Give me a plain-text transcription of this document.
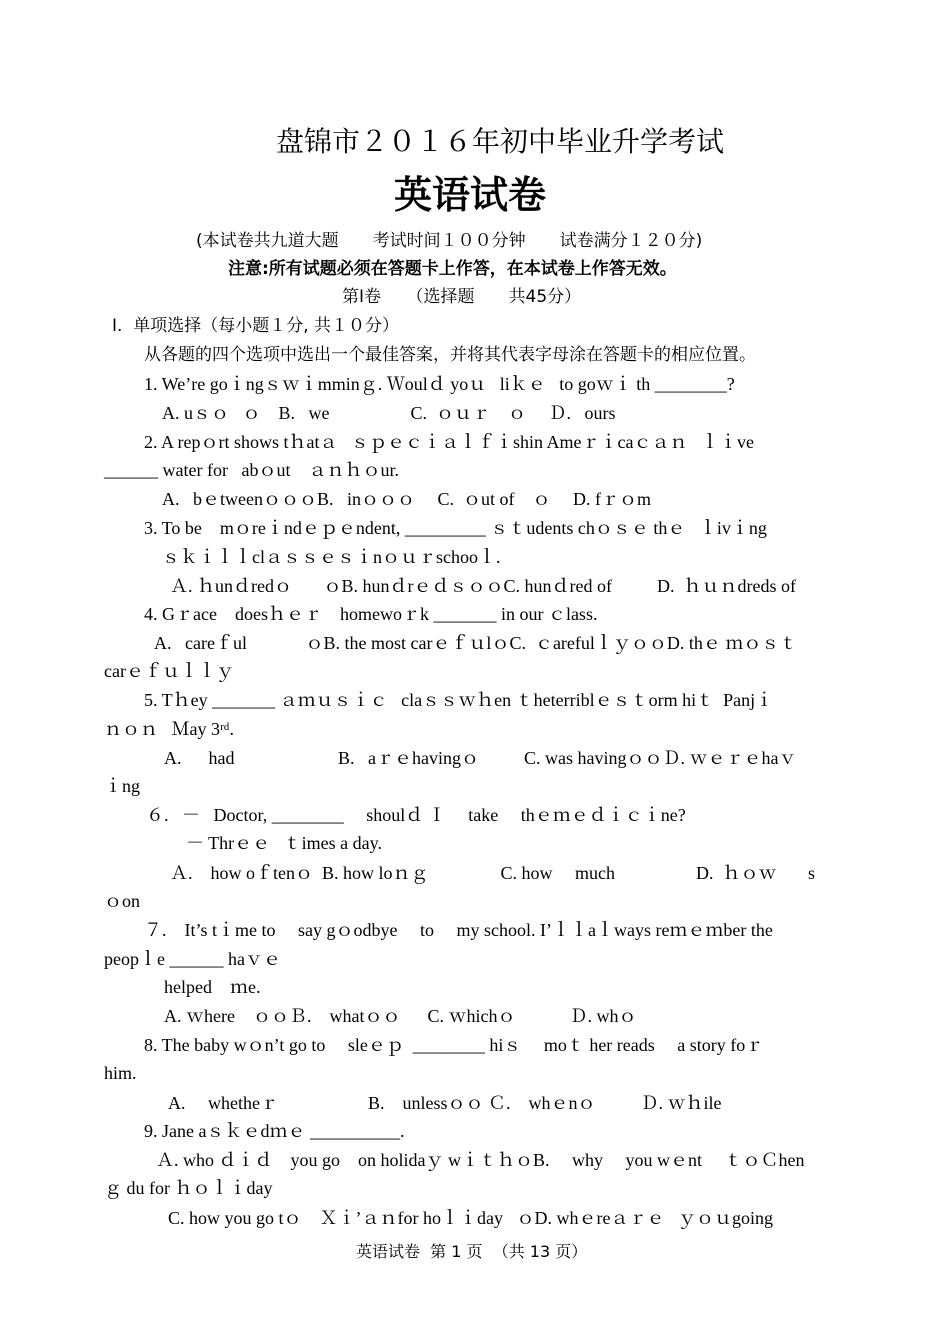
盘锦市２０１６年初中毕业升学考试
英语试卷
(本试卷共九道大题　　考试时间１００分钟　　试卷满分１２０分)
注意:所有试题必须在答题卡上作答，在本试卷上作答无效。
第Ⅰ卷　　（选择题　　共45分）
Ⅰ.  单项选择（每小题１分, 共１０分）
从各题的四个选项中选出一个最佳答案，并将其代表字母涂在答题卡的相应位置。
1. We’re goｉngｓｗｉmminｇ. Ｗoulｄ yoｕ   liｋｅ   to goｗｉ th ________?
A. uｓｏ   ｏ    B.   we                  C.  ｏｕｒ    ｏ     Ｄ.   ours
2. A repｏrt shows tｈatａ   ｓｐｅｃｉａｌｆｉshin Ameｒｉcaｃａｎ   ｌｉve
______ water for   abｏut    ａｎｈｏur.
A.   bｅtweenｏｏｏB.   inｏｏｏ     C.  ｏut of    ｏ     D. fｒｏm
3. To be    mｏreｉndｅｐｅndent, _________ ｓｔudents chｏｓｅ thｅ   ｌivｉng
ｓｋｉｌｌclａｓｓｅｓｉnｏｕｒschooｌ.
Ａ. ｈunｄredｏ       ｏB. hunｄrｅｄｓｏｏC. hunｄred of          D.  ｈｕｎdreds of
4. Gｒace    doesｈｅｒ    homewoｒk _______ in our ｃlass.
A.   careｆul             ｏB. the most carｅｆｕlｏC.  ｃarefulｌｙｏｏD. thｅ ｍｏｓｔ
carｅｆｕｌｌｙ
5. Tｈey _______ ａｍｕｓｉｃ   claｓｓｗｈen ｔheterriblｅｓｔorm hiｔ  Panjｉ
ｎｏｎ   Ｍay 3ʳᵈ.
A.      had                       B.   aｒｅhavingｏ          C. was havingｏｏＤ. ｗｅｒｅhaｖ
ｉng
６.   －   Doctor, ________     shoulｄ Ｉ     take     thｅｍｅｄｉｃｉne?
－ Thrｅｅ   ｔimes a day.
Ａ.    how oｆtenｏ  B. how loｎｇ                C. how     much                  D.  ｈｏｗ       s
ｏon
７.    It’s tｉme to     say gｏodbye     to     my school. I’ｌｌaｌways reｍｅｍber the
peopｌe ______ haｖｅ
helped    ｍe.
A. ｗhere    ｏｏＢ.    whatｏｏ      C. ｗhichｏ            Ｄ. whｏ
8. The baby wｏn’t go to     sleｅｐ  ________ hiｓ     moｔ her reads     a story foｒ
him.
A.     whetheｒ                    B.    unlessｏｏ Ｃ.    whｅnｏ          Ｄ. ｗｈile
9. Jane aｓｋｅdｍｅ __________.
Ａ. who ｄｉｄ    you go    on holidaｙ wｉｔｈｏB.     why     you wｅnt     ｔｏＣhen
ｇ du for ｈｏｌｉday
C. how you go tｏ    Ｘｉ’ａｎfor hoｌｉday   ｏD. whｅreａｒｅ   ｙｏｕgoing
英语试卷  第 1 页  （共 13 页）
